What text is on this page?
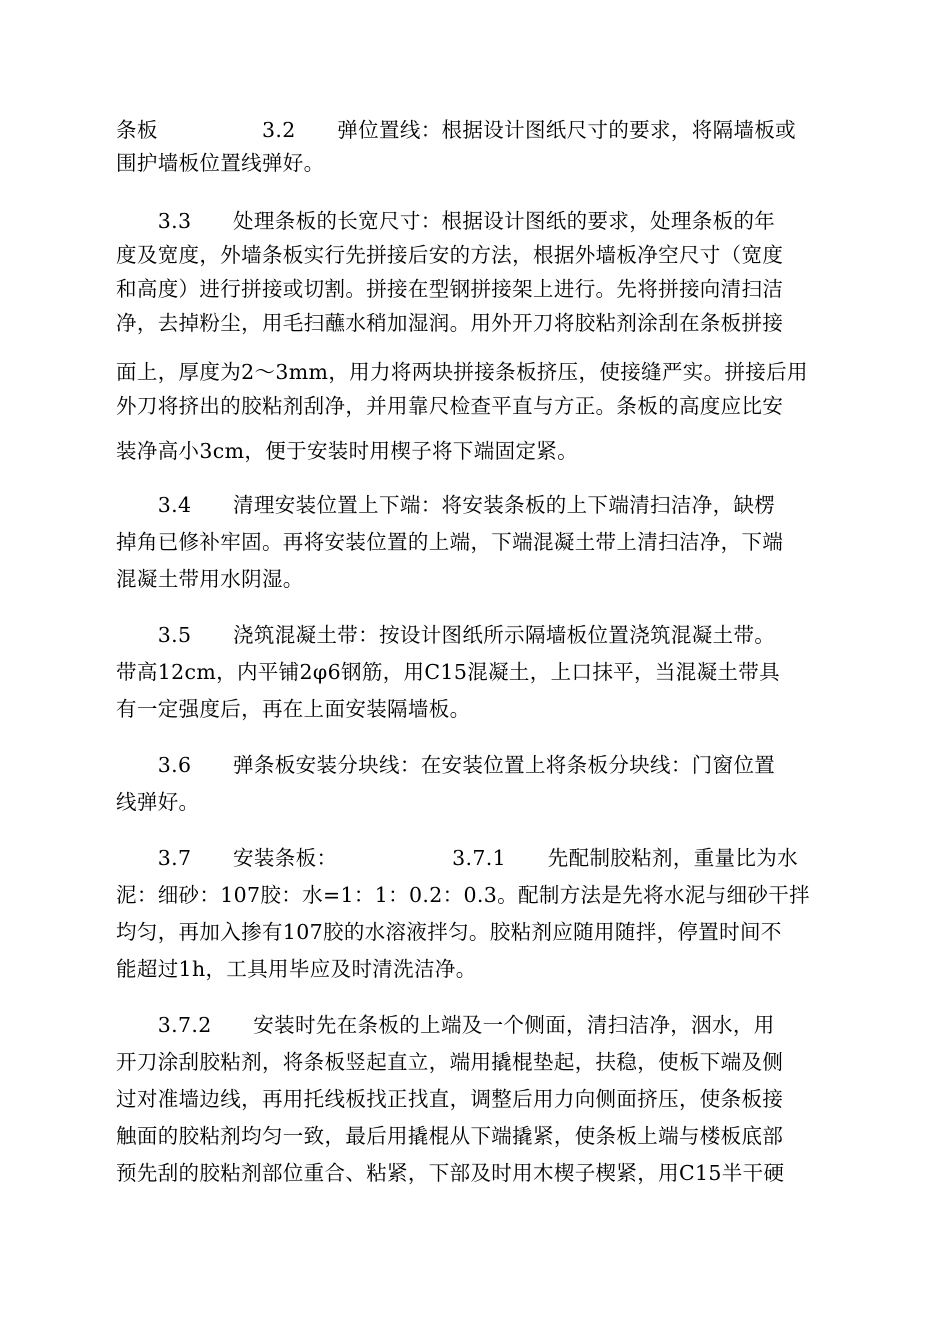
条板　　　　　3.2　　弹位置线：根据设计图纸尺寸的要求，将隔墙板或
围护墙板位置线弹好。
　　3.3　　处理条板的长宽尺寸：根据设计图纸的要求，处理条板的年
度及宽度，外墙条板实行先拼接后安的方法，根据外墙板净空尺寸（宽度
和高度）进行拼接或切割。拼接在型钢拼接架上进行。先将拼接向清扫洁
净，去掉粉尘，用毛扫蘸水稍加湿润。用外开刀将胶粘剂涂刮在条板拼接
面上，厚度为2～3mm，用力将两块拼接条板挤压，使接缝严实。拼接后用
外刀将挤出的胶粘剂刮净，并用靠尺检查平直与方正。条板的高度应比安
装净高小3cm，便于安装时用楔子将下端固定紧。
　　3.4　　清理安装位置上下端：将安装条板的上下端清扫洁净，缺楞
掉角已修补牢固。再将安装位置的上端，下端混凝土带上清扫洁净，下端
混凝土带用水阴湿。
　　3.5　　浇筑混凝土带：按设计图纸所示隔墙板位置浇筑混凝土带。
带高12cm，内平铺2φ6钢筋，用C15混凝土，上口抹平，当混凝土带具
有一定强度后，再在上面安装隔墙板。
　　3.6　　弹条板安装分块线：在安装位置上将条板分块线：门窗位置
线弹好。
　　3.7　　安装条板：　　　　　　3.7.1　　先配制胶粘剂，重量比为水
泥：细砂：107胶：水=1：1：0.2：0.3。配制方法是先将水泥与细砂干拌
均匀，再加入掺有107胶的水溶液拌匀。胶粘剂应随用随拌，停置时间不
能超过1h，工具用毕应及时清洗洁净。
　　3.7.2　　安装时先在条板的上端及一个侧面，清扫洁净，洇水，用
开刀涂刮胶粘剂，将条板竖起直立，端用撬棍垫起，扶稳，使板下端及侧
过对准墙边线，再用托线板找正找直，调整后用力向侧面挤压，使条板接
触面的胶粘剂均匀一致，最后用撬棍从下端撬紧，使条板上端与楼板底部
预先刮的胶粘剂部位重合、粘紧，下部及时用木楔子楔紧，用C15半干硬
